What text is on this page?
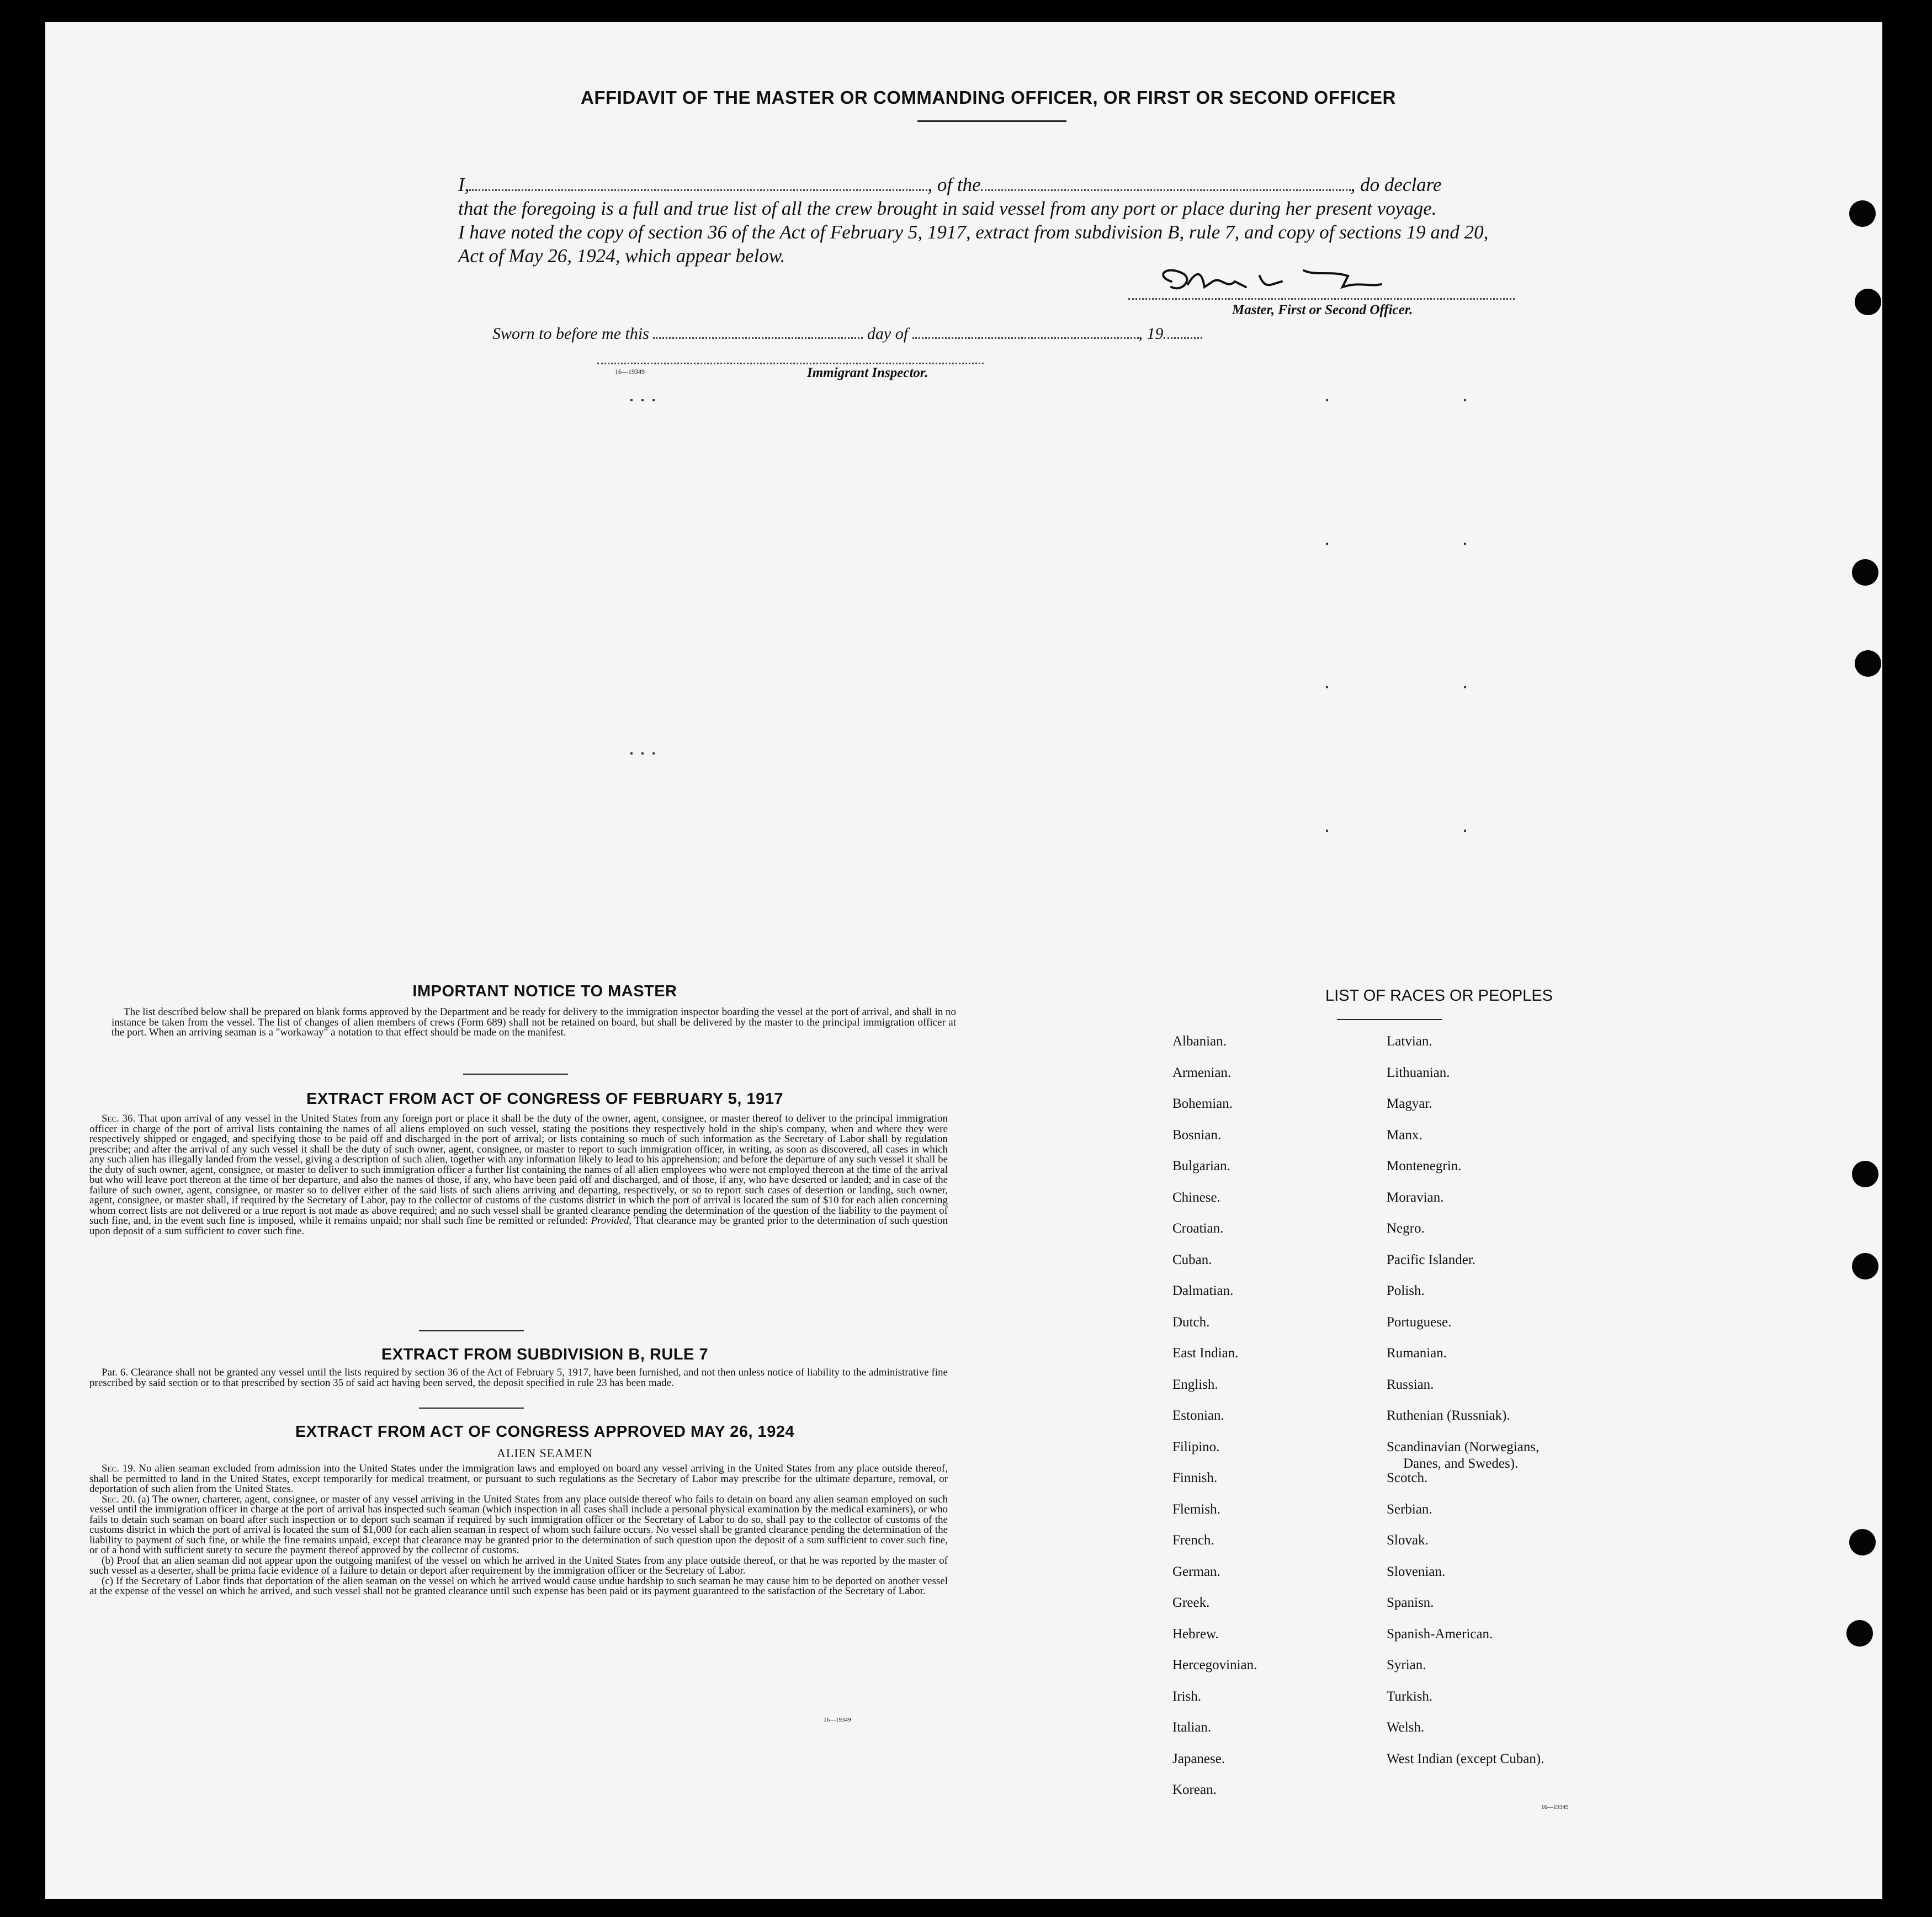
AFFIDAVIT OF THE MASTER OR COMMANDING OFFICER, OR FIRST OR SECOND OFFICER
I,	, of the	, do declare
that the foregoing is a full and true list of all the crew brought in said vessel from any port or place during her present voyage.
I have noted the copy of section 36 of the Act of February 5, 1917, extract from subdivision B, rule 7, and copy of sections 19 and 20,
Act of May 26, 1924, which appear below.
Master, First or Second Officer.
Sworn to before me this	day of	, 19
16—19349	Immigrant Inspector.
IMPORTANT NOTICE TO MASTER

The list described below shall be prepared on blank forms approved by the Department and be ready for delivery to the immigration inspector boarding the vessel at the port of arrival, and shall in no instance be taken from the vessel. The list of changes of alien members of crews (Form 689) shall not be retained on board, but shall be delivered by the master to the principal immigration officer at the port. When an arriving seaman is a "workaway" a notation to that effect should be made on the manifest.

EXTRACT FROM ACT OF CONGRESS OF FEBRUARY 5, 1917

Sec. 36. That upon arrival of any vessel in the United States from any foreign port or place it shall be the duty of the owner, agent, consignee, or master thereof to deliver to the principal immigration officer in charge of the port of arrival lists containing the names of all aliens employed on such vessel, stating the positions they respectively hold in the ship's company, when and where they were respectively shipped or engaged, and specifying those to be paid off and discharged in the port of arrival; or lists containing so much of such information as the Secretary of Labor shall by regulation prescribe; and after the arrival of any such vessel it shall be the duty of such owner, agent, consignee, or master to report to such immigration officer, in writing, as soon as discovered, all cases in which any such alien has illegally landed from the vessel, giving a description of such alien, together with any information likely to lead to his apprehension; and before the departure of any such vessel it shall be the duty of such owner, agent, consignee, or master to deliver to such immigration officer a further list containing the names of all alien employees who were not employed thereon at the time of the arrival but who will leave port thereon at the time of her departure, and also the names of those, if any, who have been paid off and discharged, and of those, if any, who have deserted or landed; and in case of the failure of such owner, agent, consignee, or master so to deliver either of the said lists of such aliens arriving and departing, respectively, or so to report such cases of desertion or landing, such owner, agent, consignee, or master shall, if required by the Secretary of Labor, pay to the collector of customs of the customs district in which the port of arrival is located the sum of $10 for each alien concerning whom correct lists are not delivered or a true report is not made as above required; and no such vessel shall be granted clearance pending the determination of the question of the liability to the payment of such fine, and, in the event such fine is imposed, while it remains unpaid; nor shall such fine be remitted or refunded: Provided, That clearance may be granted prior to the determination of such question upon deposit of a sum sufficient to cover such fine.

EXTRACT FROM SUBDIVISION B, RULE 7

Par. 6. Clearance shall not be granted any vessel until the lists required by section 36 of the Act of February 5, 1917, have been furnished, and not then unless notice of liability to the administrative fine prescribed by said section or to that prescribed by section 35 of said act having been served, the deposit specified in rule 23 has been made.

EXTRACT FROM ACT OF CONGRESS APPROVED MAY 26, 1924
ALIEN SEAMEN

Sec. 19. No alien seaman excluded from admission into the United States under the immigration laws and employed on board any vessel arriving in the United States from any place outside thereof, shall be permitted to land in the United States, except temporarily for medical treatment, or pursuant to such regulations as the Secretary of Labor may prescribe for the ultimate departure, removal, or deportation of such alien from the United States.

Sec. 20. (a) The owner, charterer, agent, consignee, or master of any vessel arriving in the United States from any place outside thereof who fails to detain on board any alien seaman employed on such vessel until the immigration officer in charge at the port of arrival has inspected such seaman (which inspection in all cases shall include a personal physical examination by the medical examiners), or who fails to detain such seaman on board after such inspection or to deport such seaman if required by such immigration officer or the Secretary of Labor to do so, shall pay to the collector of customs of the customs district in which the port of arrival is located the sum of $1,000 for each alien seaman in respect of whom such failure occurs. No vessel shall be granted clearance pending the determination of the liability to payment of such fine, or while the fine remains unpaid, except that clearance may be granted prior to the determination of such question upon the deposit of a sum sufficient to cover such fine, or of a bond with sufficient surety to secure the payment thereof approved by the collector of customs.

(b) Proof that an alien seaman did not appear upon the outgoing manifest of the vessel on which he arrived in the United States from any place outside thereof, or that he was reported by the master of such vessel as a deserter, shall be prima facie evidence of a failure to detain or deport after requirement by the immigration officer or the Secretary of Labor.

(c) If the Secretary of Labor finds that deportation of the alien seaman on the vessel on which he arrived would cause undue hardship to such seaman he may cause him to be deported on another vessel at the expense of the vessel on which he arrived, and such vessel shall not be granted clearance until such expense has been paid or its payment guaranteed to the satisfaction of the Secretary of Labor.

16—19349
LIST OF RACES OR PEOPLES
16—19349
Albanian.
Armenian.
Bohemian.
Bosnian.
Bulgarian.
Chinese.
Croatian.
Cuban.
Dalmatian.
Dutch.
East Indian.
English.
Estonian.
Filipino.
Finnish.
Flemish.
French.
German.
Greek.
Hebrew.
Hercegovinian.
Irish.
Italian.
Japanese.
Korean.
Latvian.
Lithuanian.
Magyar.
Manx.
Montenegrin.
Moravian.
Negro.
Pacific Islander.
Polish.
Portuguese.
Rumanian.
Russian.
Ruthenian (Russniak).
Scandinavian (Norwegians,
Danes, and Swedes).
Scotch.
Serbian.
Slovak.
Slovenian.
Spanisn.
Spanish-American.
Syrian.
Turkish.
Welsh.
West Indian (except Cuban).
